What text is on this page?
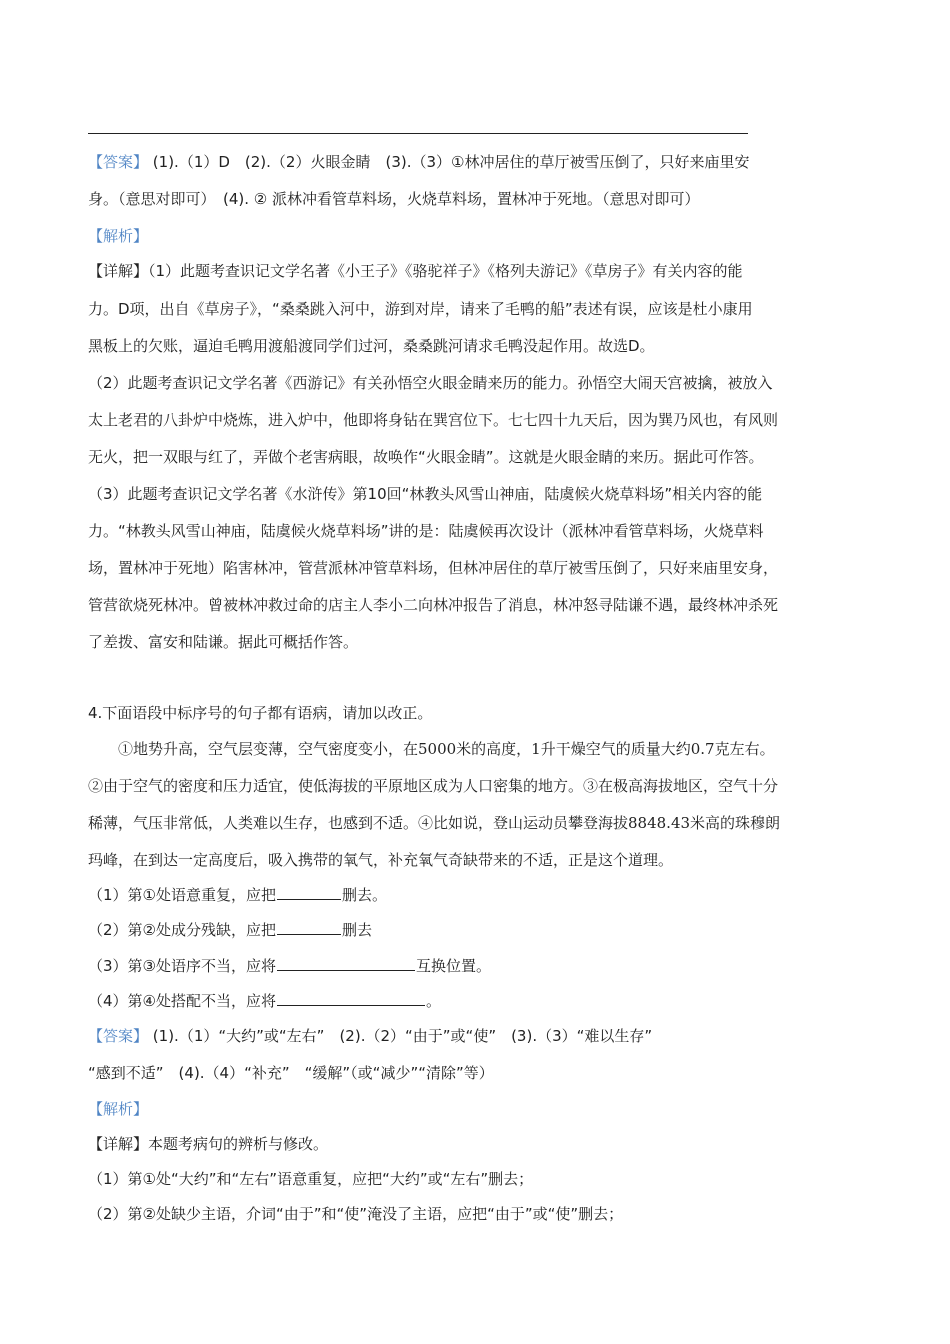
【答案】 (1).（1）D　(2).（2）火眼金睛　(3).（3）①林冲居住的草厅被雪压倒了，只好来庙里安
身。（意思对即可）　(4). ② 派林冲看管草料场，火烧草料场，置林冲于死地。（意思对即可）
【解析】
【详解】（1）此题考查识记文学名著《小王子》《骆驼祥子》《格列夫游记》《草房子》有关内容的能
力。D项，出自《草房子》，“桑桑跳入河中，游到对岸，请来了毛鸭的船”表述有误，应该是杜小康用
黑板上的欠账，逼迫毛鸭用渡船渡同学们过河，桑桑跳河请求毛鸭没起作用。故选D。
（2）此题考查识记文学名著《西游记》有关孙悟空火眼金睛来历的能力。孙悟空大闹天宫被擒，被放入
太上老君的八卦炉中烧炼，进入炉中，他即将身钻在巽宫位下。七七四十九天后，因为巽乃风也，有风则
无火，把一双眼与红了，弄做个老害病眼，故唤作“火眼金睛”。这就是火眼金睛的来历。据此可作答。
（3）此题考查识记文学名著《水浒传》第10回“林教头风雪山神庙，陆虞候火烧草料场”相关内容的能
力。“林教头风雪山神庙，陆虞候火烧草料场”讲的是：陆虞候再次设计（派林冲看管草料场，火烧草料
场，置林冲于死地）陷害林冲，管营派林冲管草料场，但林冲居住的草厅被雪压倒了，只好来庙里安身，
管营欲烧死林冲。曾被林冲救过命的店主人李小二向林冲报告了消息，林冲怒寻陆谦不遇，最终林冲杀死
了差拨、富安和陆谦。据此可概括作答。
4.下面语段中标序号的句子都有语病，请加以改正。
①地势升高，空气层变薄，空气密度变小，在5000米的高度，1升干燥空气的质量大约0.7克左右。
②由于空气的密度和压力适宜，使低海拔的平原地区成为人口密集的地方。③在极高海拔地区，空气十分
稀薄，气压非常低，人类难以生存，也感到不适。④比如说，登山运动员攀登海拔8848.43米高的珠穆朗
玛峰，在到达一定高度后，吸入携带的氧气，补充氧气奇缺带来的不适，正是这个道理。
（1）第①处语意重复，应把	删去。
（2）第②处成分残缺，应把	删去
（3）第③处语序不当，应将	互换位置。
（4）第④处搭配不当，应将	。
【答案】 (1).（1）“大约”或“左右”　(2).（2）“由于”或“使”　(3).（3）“难以生存”
“感到不适”　(4).（4）“补充”　“缓解”（或“减少”“清除”等）
【解析】
【详解】本题考病句的辨析与修改。
（1）第①处“大约”和“左右”语意重复，应把“大约”或“左右”删去；
（2）第②处缺少主语，介词“由于”和“使”淹没了主语，应把“由于”或“使”删去；
